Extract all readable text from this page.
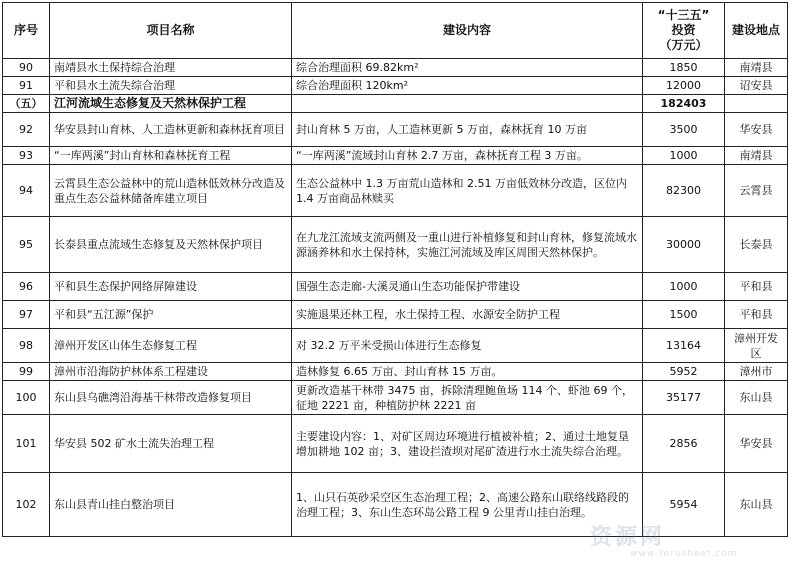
序号	项目名称	建设内容	“十三五”
投资
（万元）	建设地点
90	南靖县水土保持综合治理	综合治理面积 69.82km²	1850	南靖县
91	平和县水土流失综合治理	综合治理面积 120km²	12000	诏安县
（五）	江河流域生态修复及天然林保护工程		182403	
92	华安县封山育林、人工造林更新和森林抚育项目	封山育林 5 万亩，人工造林更新 5 万亩，森林抚育 10 万亩	3500	华安县
93	“一库两溪”封山育林和森林抚育工程	“一库两溪”流域封山育林 2.7 万亩，森林抚育工程 3 万亩。	1000	南靖县
94	云霄县生态公益林中的荒山造林低效林分改造及重点生态公益林储备库建立项目	生态公益林中 1.3 万亩荒山造林和 2.51 万亩低效林分改造，区位内 1.4 万亩商品林赎买	82300	云霄县
95	长泰县重点流域生态修复及天然林保护项目	在九龙江流域支流两侧及一重山进行补植修复和封山育林，修复流域水源涵养林和水土保持林，实施江河流域及库区周围天然林保护。	30000	长泰县
96	平和县生态保护网络屏障建设	国强生态走廊-大溪灵通山生态功能保护带建设	1000	平和县
97	平和县“五江源”保护	实施退果还林工程，水土保持工程、水源安全防护工程	1500	平和县
98	漳州开发区山体生态修复工程	对 32.2 万平米受损山体进行生态修复	13164	漳州开发区
99	漳州市沿海防护林体系工程建设	造林修复 6.65 万亩、封山育林 15 万亩。	5952	漳州市
100	东山县乌礁湾沿海基干林带改造修复项目	更新改造基干林带 3475 亩，拆除清理鲍鱼场 114 个、虾池 69 个，征地 2221 亩，种植防护林 2221 亩	35177	东山县
101	华安县 502 矿水土流失治理工程	主要建设内容：1、对矿区周边环境进行植被补植；2、通过土地复垦增加耕地 102 亩；3、建设拦渣坝对尾矿渣进行水土流失综合治理。	2856	华安县
102	东山县青山挂白整治项目	1、山只石英砂采空区生态治理工程；2、高速公路东山联络线路段的治理工程；3、东山生态环岛公路工程 9 公里青山挂白治理。	5954	东山县
资源网
www.Yerusheet.com
